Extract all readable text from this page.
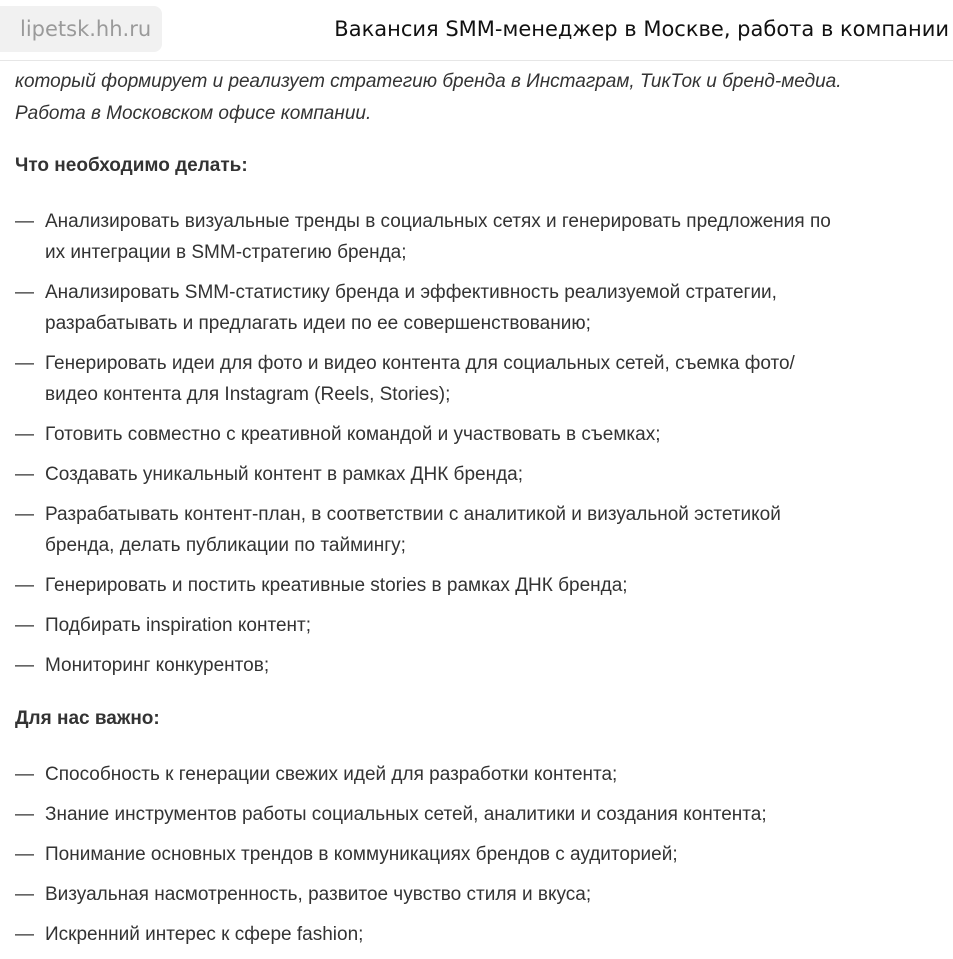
lipetsk.hh.ru	Вакансия SMM-менеджер в Москве, работа в компании
который формирует и реализует стратегию бренда в Инстаграм, ТикТок и бренд-медиа.
Работа в Московском офисе компании.
Что необходимо делать:
— Анализировать визуальные тренды в социальных сетях и генерировать предложения по
их интеграции в SMM-стратегию бренда;
— Анализировать SMM-статистику бренда и эффективность реализуемой стратегии,
разрабатывать и предлагать идеи по ее совершенствованию;
— Генерировать идеи для фото и видео контента для социальных сетей, съемка фото/
видео контента для Instagram (Reels, Stories);
— Готовить совместно с креативной командой и участвовать в съемках;
— Создавать уникальный контент в рамках ДНК бренда;
— Разрабатывать контент-план, в соответствии с аналитикой и визуальной эстетикой
бренда, делать публикации по таймингу;
— Генерировать и постить креативные stories в рамках ДНК бренда;
— Подбирать inspiration контент;
— Мониторинг конкурентов;
Для нас важно:
— Способность к генерации свежих идей для разработки контента;
— Знание инструментов работы социальных сетей, аналитики и создания контента;
— Понимание основных трендов в коммуникациях брендов с аудиторией;
— Визуальная насмотренность, развитое чувство стиля и вкуса;
— Искренний интерес к сфере fashion;
